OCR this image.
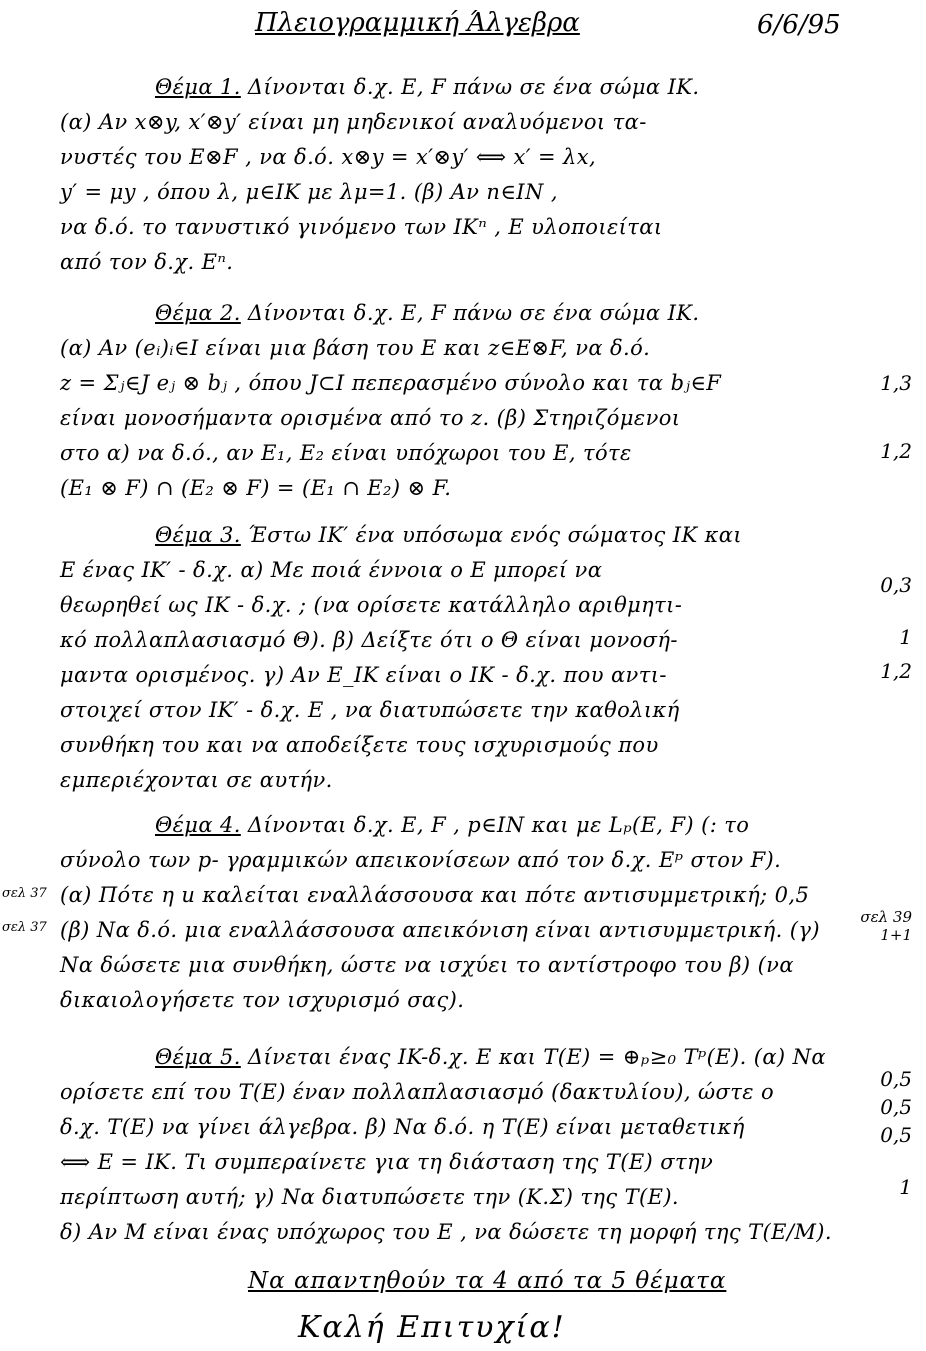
Πλειογραμμική Άλγεβρα	6/6/95
Θέμα 1. Δίνονται δ.χ. E, F πάνω σε ένα σώμα IK.
(α) Αν x⊗y, x′⊗y′ είναι μη μηδενικοί αναλυόμενοι τα-
νυστές του E⊗F , να δ.ό. x⊗y = x′⊗y′ ⟺ x′ = λx,
y′ = μy , όπου λ, μ∈IK με λμ=1. (β) Αν n∈IN ,
να δ.ό. το τανυστικό γινόμενο των IKⁿ , E υλοποιείται
από τον δ.χ. Eⁿ.
Θέμα 2. Δίνονται δ.χ. E, F πάνω σε ένα σώμα IK.
(α) Αν (eᵢ)ᵢ∈I είναι μια βάση του E και z∈E⊗F, να δ.ό.
z = Σⱼ∈J eⱼ ⊗ bⱼ , όπου J⊂I πεπερασμένο σύνολο και τα bⱼ∈F
είναι μονοσήμαντα ορισμένα από το z. (β) Στηριζόμενοι
στο α) να δ.ό., αν E₁, E₂ είναι υπόχωροι του E, τότε
(E₁ ⊗ F) ∩ (E₂ ⊗ F) = (E₁ ∩ E₂) ⊗ F.
1,3
1,2
Θέμα 3. Έστω IK′ ένα υπόσωμα ενός σώματος IK και
E ένας IK′ - δ.χ. α) Με ποιά έννοια ο E μπορεί να
θεωρηθεί ως IK - δ.χ. ; (να ορίσετε κατάλληλο αριθμητι-
κό πολλαπλασιασμό Θ). β) Δείξτε ότι ο Θ είναι μονοσή-
μαντα ορισμένος. γ) Αν E_IK είναι ο IK - δ.χ. που αντι-
στοιχεί στον IK′ - δ.χ. E , να διατυπώσετε την καθολική
συνθήκη του και να αποδείξετε τους ισχυρισμούς που
εμπεριέχονται σε αυτήν.
0,3
1
1,2
Θέμα 4. Δίνονται δ.χ. E, F , p∈IN και με Lₚ(E, F) (: το
σύνολο των p- γραμμικών απεικονίσεων από τον δ.χ. Eᵖ στον F).
(α) Πότε η u καλείται εναλλάσσουσα και πότε αντισυμμετρική; 0,5
(β) Να δ.ό. μια εναλλάσσουσα απεικόνιση είναι αντισυμμετρική. (γ)
Να δώσετε μια συνθήκη, ώστε να ισχύει το αντίστροφο του β) (να
δικαιολογήσετε τον ισχυρισμό σας).
σελ 37
σελ 37
σελ 39
1+1
Θέμα 5. Δίνεται ένας IK-δ.χ. E και T(E) = ⊕ₚ≥₀ Tᵖ(E). (α) Να
ορίσετε επί του T(E) έναν πολλαπλασιασμό (δακτυλίου), ώστε ο
δ.χ. T(E) να γίνει άλγεβρα. β) Να δ.ό. η T(E) είναι μεταθετική
⟺ E = IK. Τι συμπεραίνετε για τη διάσταση της T(E) στην
περίπτωση αυτή; γ) Να διατυπώσετε την (Κ.Σ) της T(E).
δ) Αν M είναι ένας υπόχωρος του E , να δώσετε τη μορφή της T(E/M).
0,5
0,5
0,5
1
Να απαντηθούν τα 4 από τα 5 θέματα
Καλή Επιτυχία!
